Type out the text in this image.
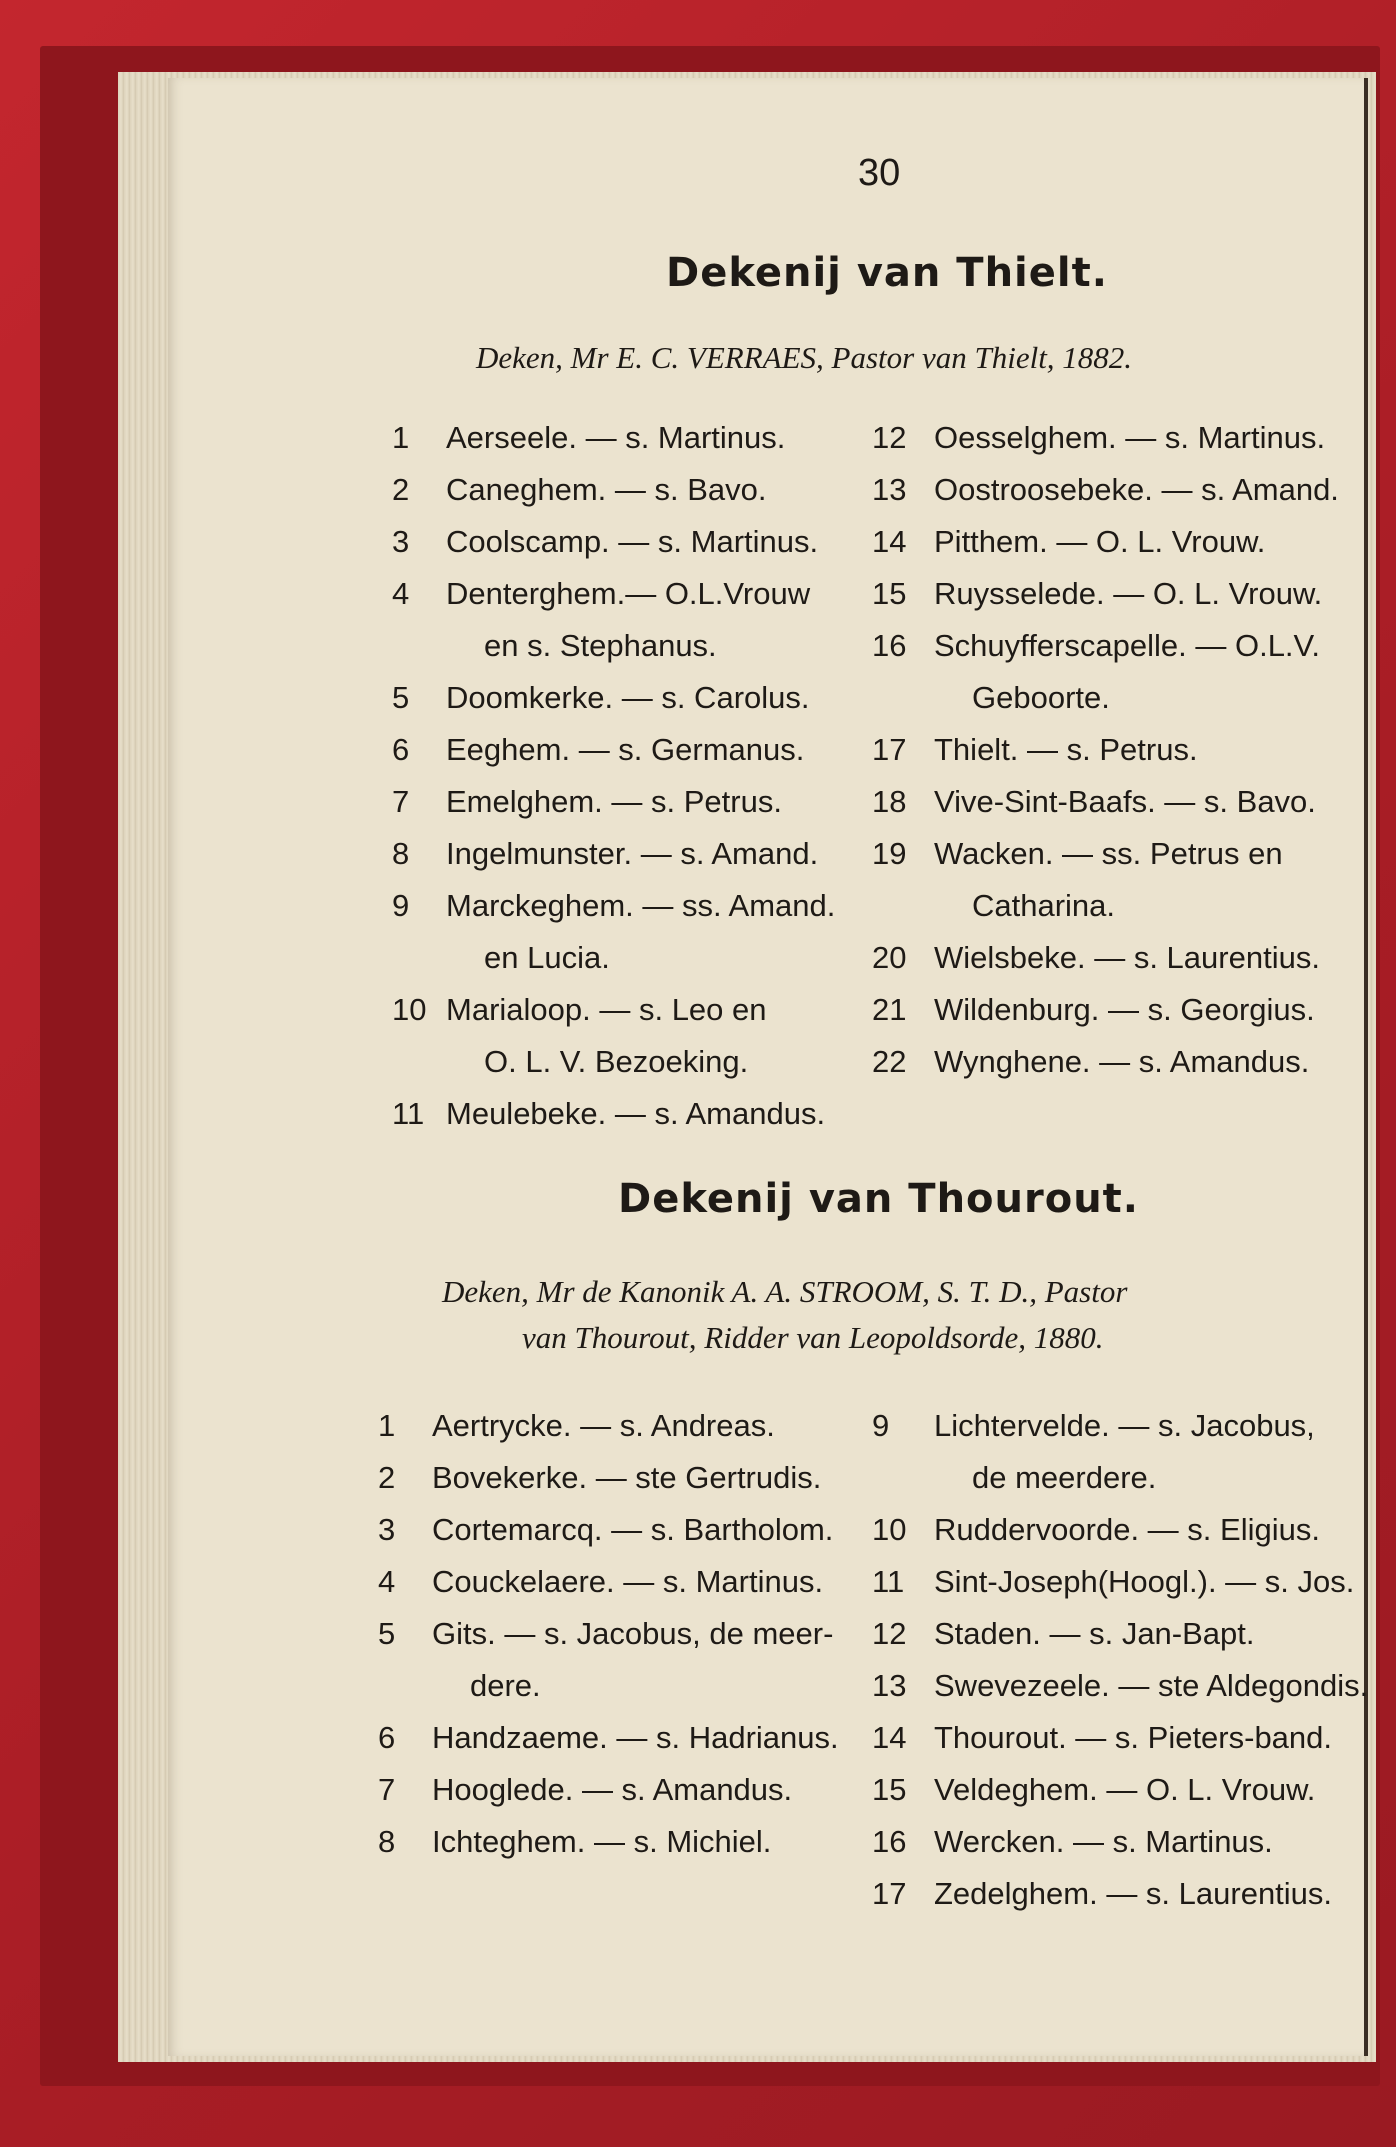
30
Dekenij van Thielt.
Deken, Mr E. C. VERRAES, Pastor van Thielt, 1882.
1	Aerseele. — s. Martinus.
2	Caneghem. — s. Bavo.
3	Coolscamp. — s. Martinus.
4	Denterghem.— O.L.Vrouw
en s. Stephanus.
5	Doomkerke. — s. Carolus.
6	Eeghem. — s. Germanus.
7	Emelghem. — s. Petrus.
8	Ingelmunster. — s. Amand.
9	Marckeghem. — ss. Amand.
en Lucia.
10 Marialoop. — s. Leo en
O. L. V. Bezoeking.
11 Meulebeke. — s. Amandus.
12 Oesselghem. — s. Martinus.
13 Oostroosebeke. — s. Amand.
14 Pitthem. — O. L. Vrouw.
15 Ruysselede. — O. L. Vrouw.
16 Schuyfferscapelle. — O.L.V.
Geboorte.
17 Thielt. — s. Petrus.
18 Vive-Sint-Baafs. — s. Bavo.
19 Wacken. — ss. Petrus en
Catharina.
20 Wielsbeke. — s. Laurentius.
21 Wildenburg. — s. Georgius.
22 Wynghene. — s. Amandus.
Dekenij van Thourout.
Deken, Mr de Kanonik A. A. STROOM, S. T. D., Pastor
van Thourout, Ridder van Leopoldsorde, 1880.
1	Aertrycke. — s. Andreas.
2	Bovekerke. — ste Gertrudis.
3	Cortemarcq. — s. Bartholom.
4	Couckelaere. — s. Martinus.
5	Gits. — s. Jacobus, de meer-
dere.
6	Handzaeme. — s. Hadrianus.
7	Hooglede. — s. Amandus.
8	Ichteghem. — s. Michiel.
9	Lichtervelde. — s. Jacobus,
de meerdere.
10 Ruddervoorde. — s. Eligius.
11 Sint-Joseph(Hoogl.). — s. Jos.
12 Staden. — s. Jan-Bapt.
13 Swevezeele. — ste Aldegondis.
14 Thourout. — s. Pieters-band.
15 Veldeghem. — O. L. Vrouw.
16 Wercken. — s. Martinus.
17 Zedelghem. — s. Laurentius.
